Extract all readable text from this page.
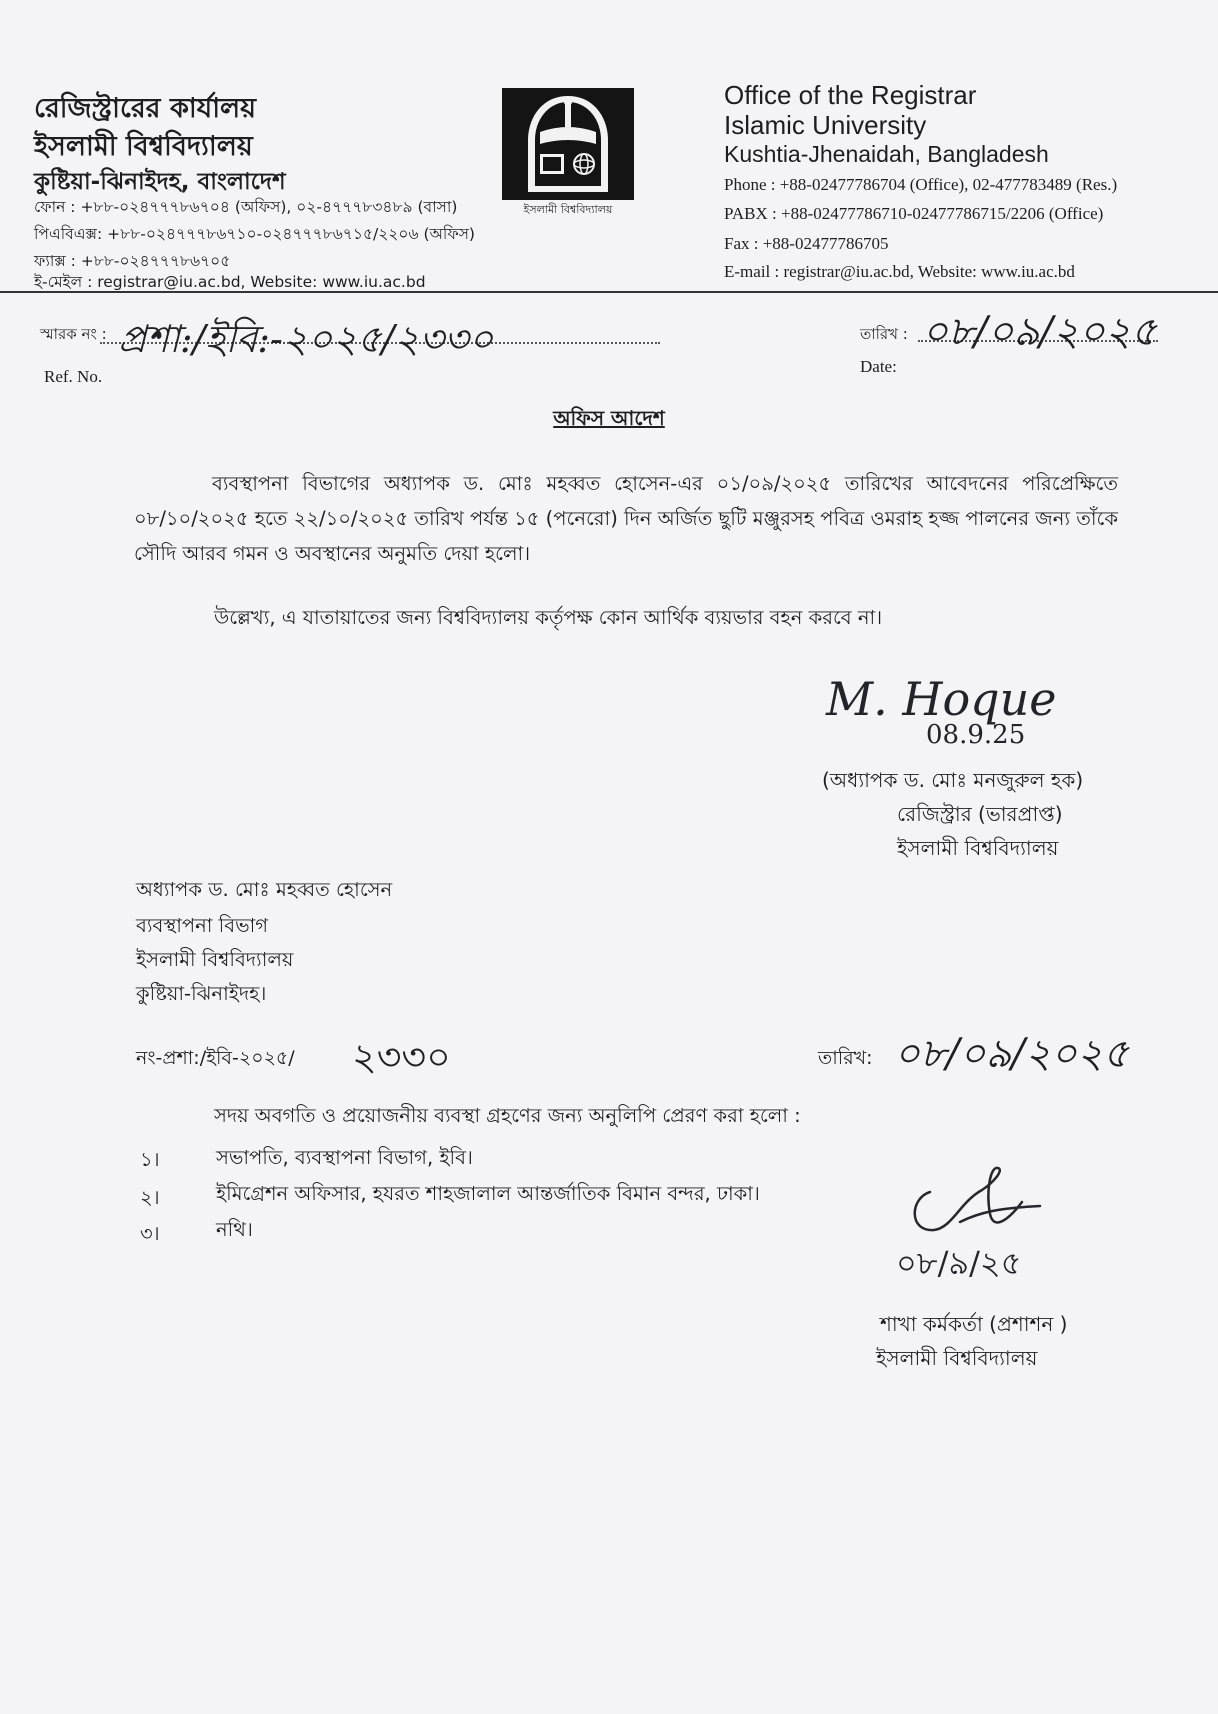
রেজিস্ট্রারের কার্যালয়
ইসলামী বিশ্ববিদ্যালয়
কুষ্টিয়া-ঝিনাইদহ, বাংলাদেশ
ফোন : +৮৮-০২৪৭৭৭৮৬৭০৪ (অফিস), ০২-৪৭৭৭৮৩৪৮৯ (বাসা)
পিএবিএক্স: +৮৮-০২৪৭৭৭৮৬৭১০-০২৪৭৭৭৮৬৭১৫/২২০৬ (অফিস)
ফ্যাক্স : +৮৮-০২৪৭৭৭৮৬৭০৫
ই-মেইল : registrar@iu.ac.bd, Website: www.iu.ac.bd
ইসলামী বিশ্ববিদ্যালয়
Office of the Registrar
Islamic University
Kushtia-Jhenaidah, Bangladesh
Phone : +88-02477786704 (Office), 02-477783489 (Res.)
PABX : +88-02477786710-02477786715/2206 (Office)
Fax : +88-02477786705
E-mail : registrar@iu.ac.bd, Website: www.iu.ac.bd
স্মারক নং :
Ref. No.
প্রশা:/ইবি:-২০২৫/২৩৩০	তারিখ :
Date:
০৮/০৯/২০২৫
অফিস আদেশ
ব্যবস্থাপনা বিভাগের অধ্যাপক ড. মোঃ মহব্বত হোসেন-এর ০১/০৯/২০২৫ তারিখের আবেদনের পরিপ্রেক্ষিতে ০৮/১০/২০২৫ হতে ২২/১০/২০২৫ তারিখ পর্যন্ত ১৫ (পনেরো) দিন অর্জিত ছুটি মঞ্জুরসহ পবিত্র ওমরাহ হজ্জ পালনের জন্য তাঁকে সৌদি আরব গমন ও অবস্থানের অনুমতি দেয়া হলো।
উল্লেখ্য, এ যাতায়াতের জন্য বিশ্ববিদ্যালয় কর্তৃপক্ষ কোন আর্থিক ব্যয়ভার বহন করবে না।
M. Hoque
08.9.25
(অধ্যাপক ড. মোঃ মনজুরুল হক)
রেজিস্ট্রার (ভারপ্রাপ্ত)
ইসলামী বিশ্ববিদ্যালয়
অধ্যাপক ড. মোঃ মহব্বত হোসেন
ব্যবস্থাপনা বিভাগ
ইসলামী বিশ্ববিদ্যালয়
কুষ্টিয়া-ঝিনাইদহ।
নং-প্রশা:/ইবি-২০২৫/ ২৩৩০	তারিখ: ০৮/০৯/২০২৫
সদয় অবগতি ও প্রয়োজনীয় ব্যবস্থা গ্রহণের জন্য অনুলিপি প্রেরণ করা হলো :
১।	সভাপতি, ব্যবস্থাপনা বিভাগ, ইবি।
২।	ইমিগ্রেশন অফিসার, হযরত শাহজালাল আন্তর্জাতিক বিমান বন্দর, ঢাকা।
৩।	নথি।
০৮/৯/২৫
শাখা কর্মকর্তা (প্রশাশন )
ইসলামী বিশ্ববিদ্যালয়
